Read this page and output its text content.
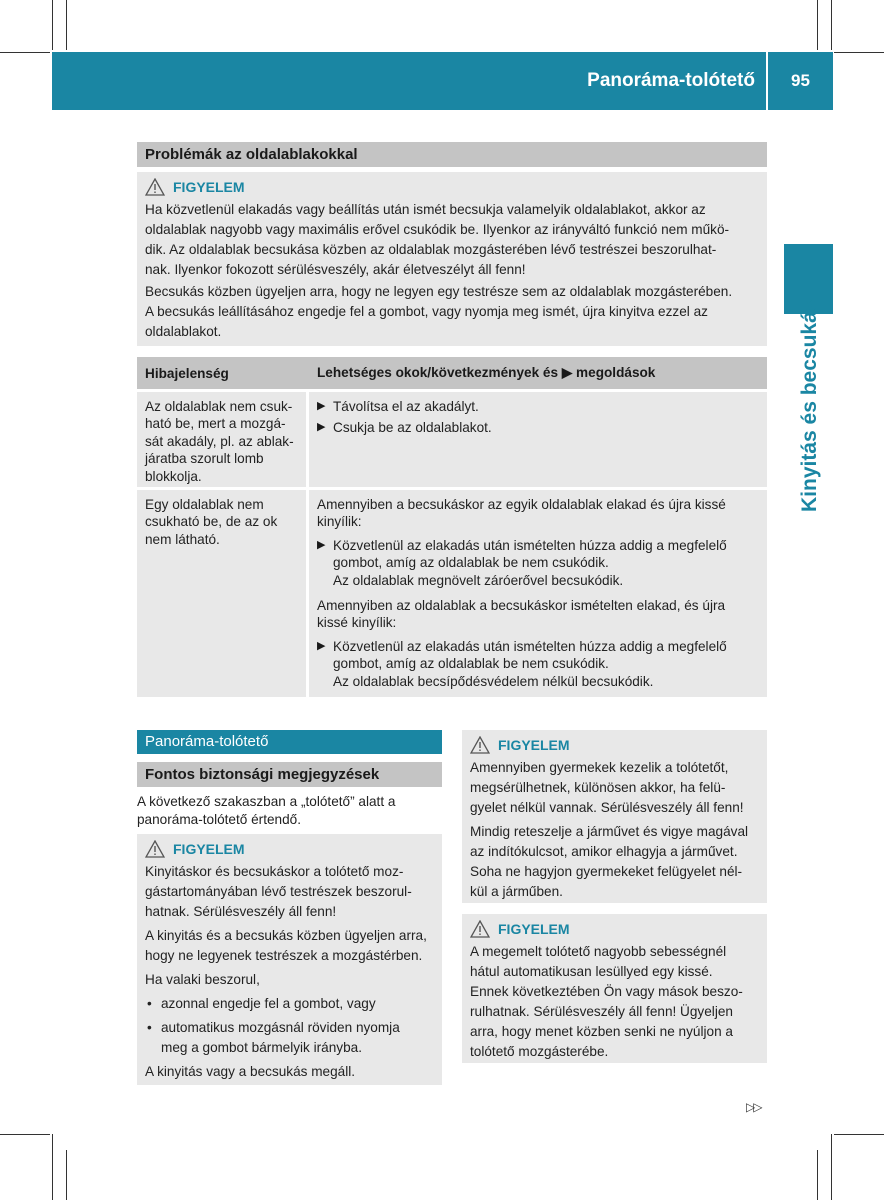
Panoráma-tolótető	95
Kinyitás és becsukás
Problémák az oldalablakokkal
FIGYELEM
Ha közvetlenül elakadás vagy beállítás után ismét becsukja valamelyik oldalablakot, akkor az
oldalablak nagyobb vagy maximális erővel csukódik be. Ilyenkor az irányváltó funkció nem műkö-
dik. Az oldalablak becsukása közben az oldalablak mozgásterében lévő testrészei beszorulhat-
nak. Ilyenkor fokozott sérülésveszély, akár életveszélyt áll fenn!
Becsukás közben ügyeljen arra, hogy ne legyen egy testrésze sem az oldalablak mozgásterében.
A becsukás leállításához engedje fel a gombot, vagy nyomja meg ismét, újra kinyitva ezzel az
oldalablakot.
Hibajelenség	Lehetséges okok/következmények és ▶ megoldások
Az oldalablak nem csuk-
ható be, mert a mozgá-
sát akadály, pl. az ablak-
járatba szorult lomb
blokkolja.
▶ Távolítsa el az akadályt.
▶ Csukja be az oldalablakot.
Egy oldalablak nem
csukható be, de az ok
nem látható.
Amennyiben a becsukáskor az egyik oldalablak elakad és újra kissé
kinyílik:
▶ Közvetlenül az elakadás után ismételten húzza addig a megfelelő
gombot, amíg az oldalablak be nem csukódik.
Az oldalablak megnövelt záróerővel becsukódik.
Amennyiben az oldalablak a becsukáskor ismételten elakad, és újra
kissé kinyílik:
▶ Közvetlenül az elakadás után ismételten húzza addig a megfelelő
gombot, amíg az oldalablak be nem csukódik.
Az oldalablak becsípődésvédelem nélkül becsukódik.
Panoráma-tolótető
Fontos biztonsági megjegyzések
A következő szakaszban a „tolótető” alatt a
panoráma-tolótető értendő.
FIGYELEM
Kinyitáskor és becsukáskor a tolótető moz-
gástartományában lévő testrészek beszorul-
hatnak. Sérülésveszély áll fenn!
A kinyitás és a becsukás közben ügyeljen arra,
hogy ne legyenek testrészek a mozgástérben.
Ha valaki beszorul,
• azonnal engedje fel a gombot, vagy
• automatikus mozgásnál röviden nyomja
meg a gombot bármelyik irányba.
A kinyitás vagy a becsukás megáll.
FIGYELEM
Amennyiben gyermekek kezelik a tolótetőt,
megsérülhetnek, különösen akkor, ha felü-
gyelet nélkül vannak. Sérülésveszély áll fenn!
Mindig reteszelje a járművet és vigye magával
az indítókulcsot, amikor elhagyja a járművet.
Soha ne hagyjon gyermekeket felügyelet nél-
kül a járműben.
FIGYELEM
A megemelt tolótető nagyobb sebességnél
hátul automatikusan lesüllyed egy kissé.
Ennek következtében Ön vagy mások beszo-
rulhatnak. Sérülésveszély áll fenn! Ügyeljen
arra, hogy menet közben senki ne nyúljon a
tolótető mozgásterébe.
▷▷
